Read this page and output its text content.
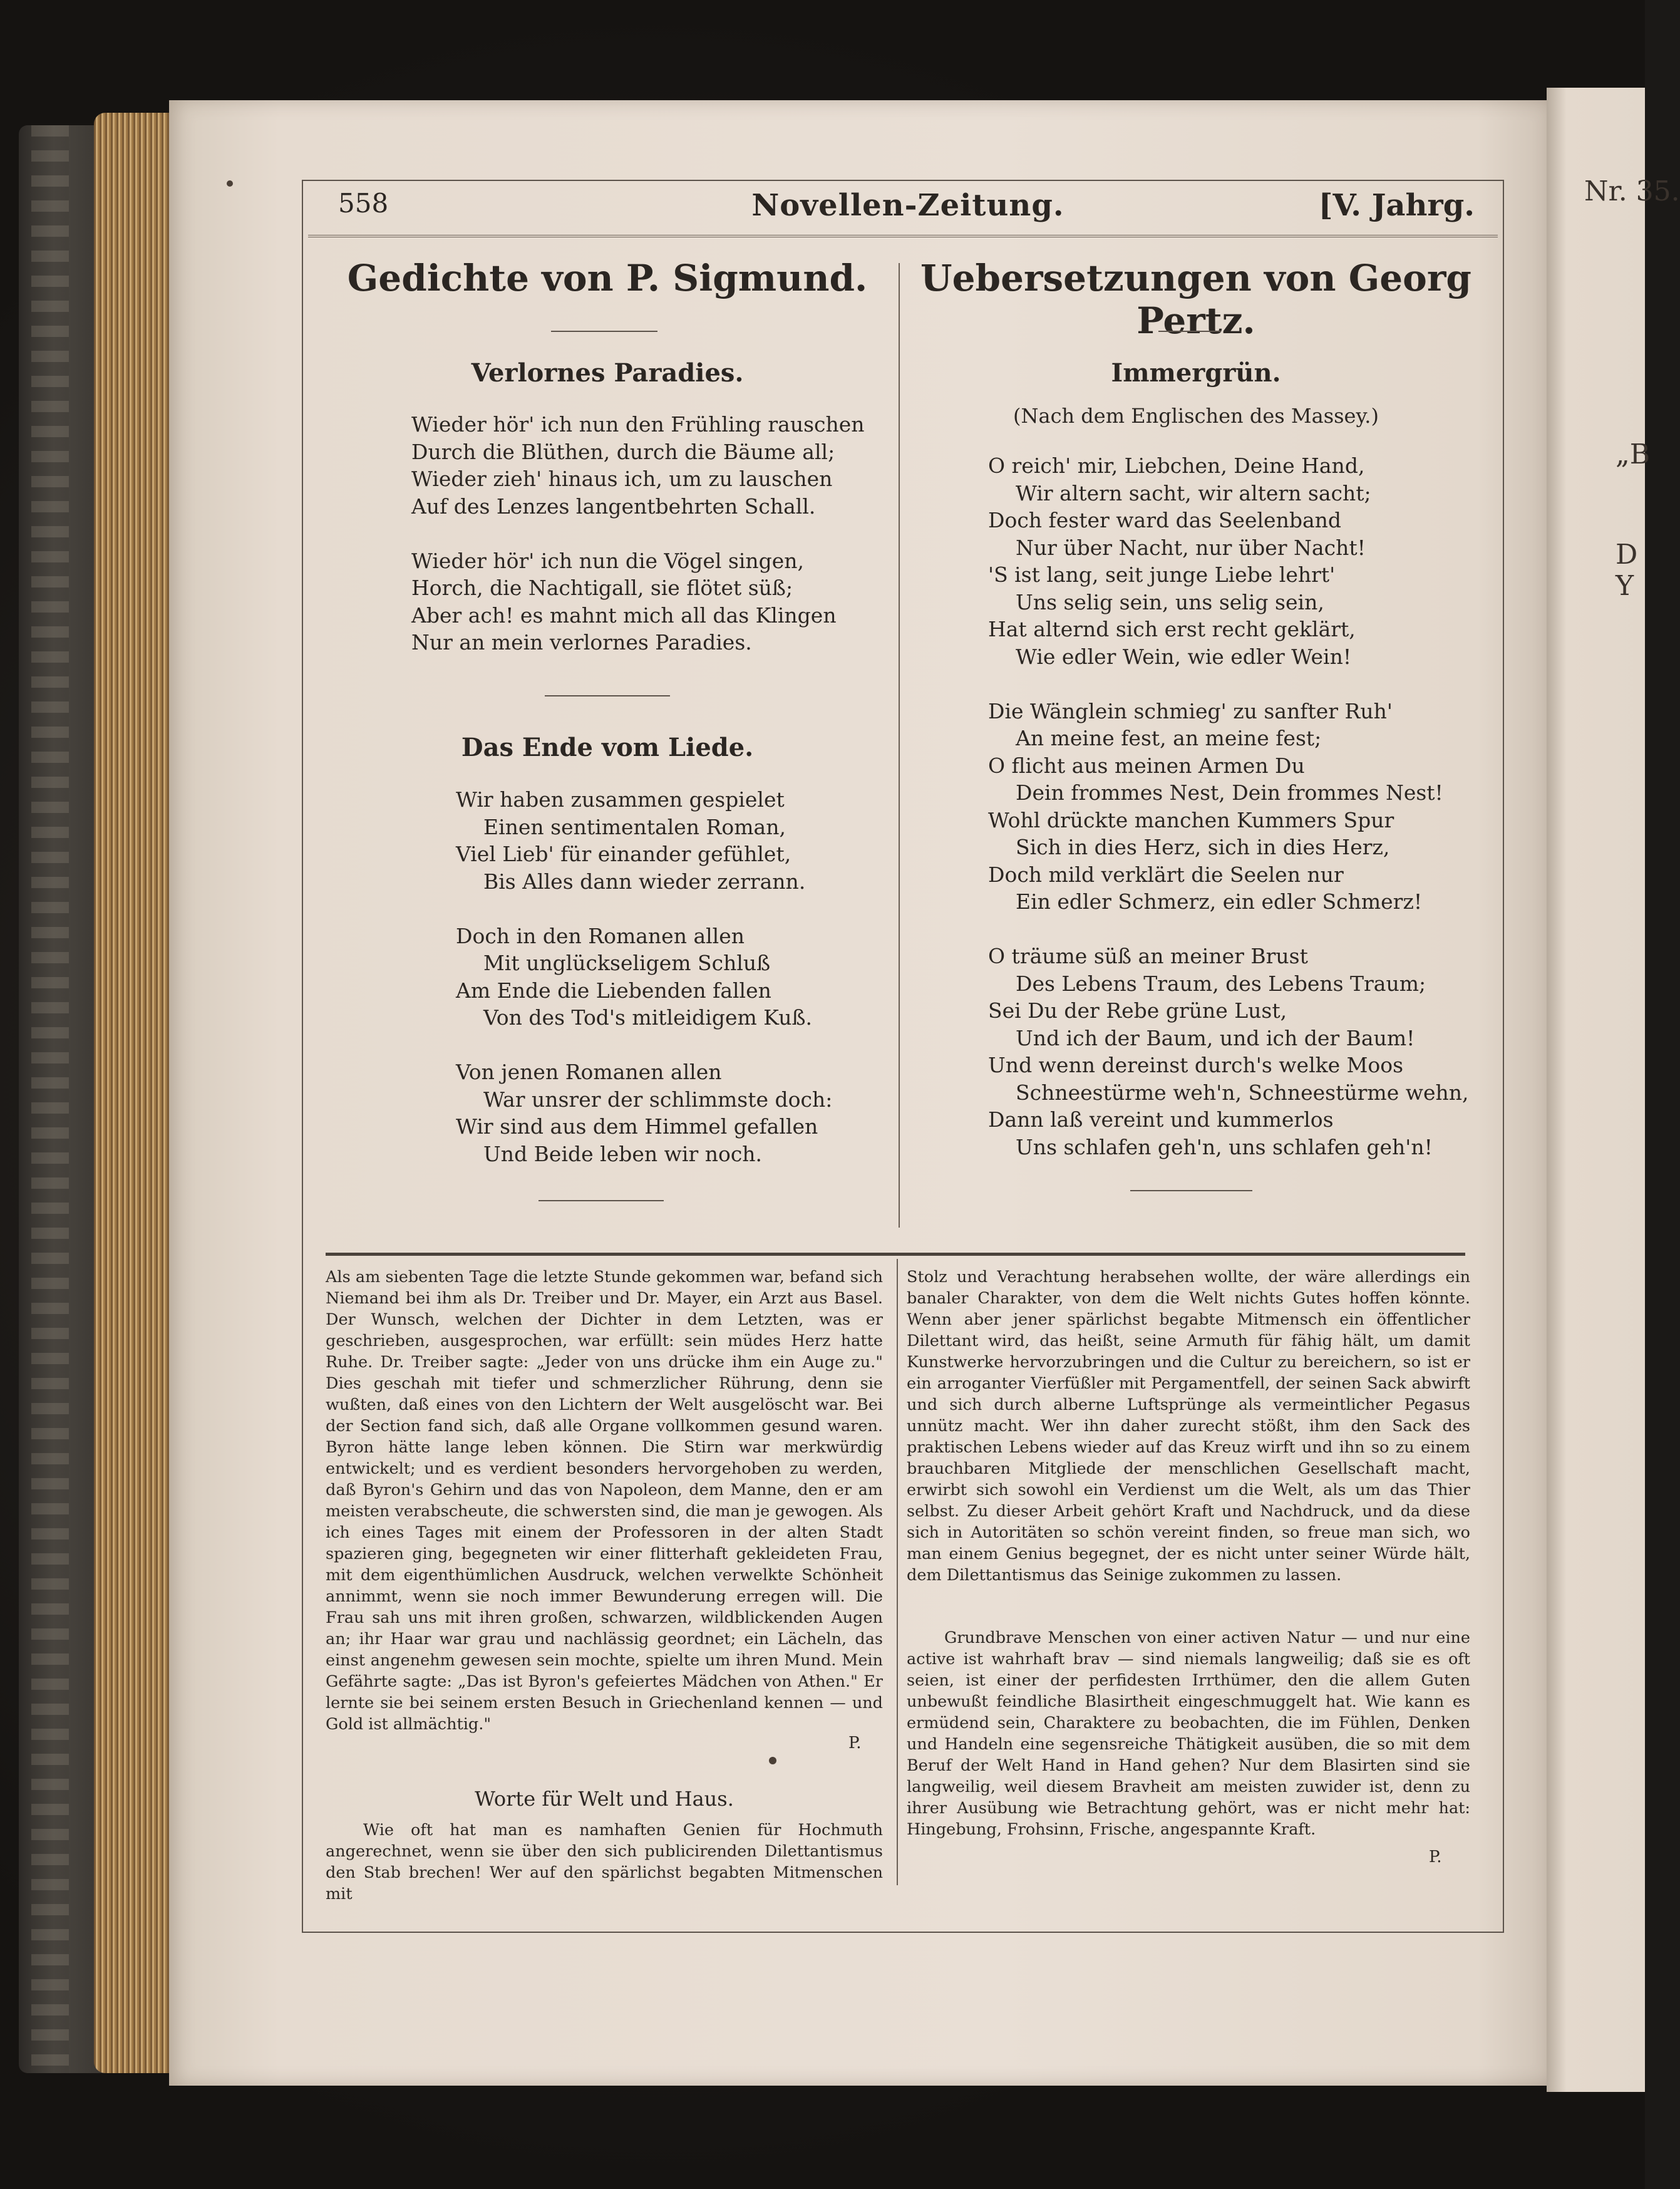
Nr. 35.
„B
D
Y
558	Novellen-Zeitung.	[V. Jahrg.
Gedichte von P. Sigmund.
Verlornes Paradies.
Wieder hör' ich nun den Frühling rauschen
Durch die Blüthen, durch die Bäume all;
Wieder zieh' hinaus ich, um zu lauschen
Auf des Lenzes langentbehrten Schall.

Wieder hör' ich nun die Vögel singen,
Horch, die Nachtigall, sie flötet süß;
Aber ach! es mahnt mich all das Klingen
Nur an mein verlornes Paradies.
Das Ende vom Liede.
Wir haben zusammen gespielet
Einen sentimentalen Roman,
Viel Lieb' für einander gefühlet,
Bis Alles dann wieder zerrann.

Doch in den Romanen allen
Mit unglückseligem Schluß
Am Ende die Liebenden fallen
Von des Tod's mitleidigem Kuß.

Von jenen Romanen allen
War unsrer der schlimmste doch:
Wir sind aus dem Himmel gefallen
Und Beide leben wir noch.
Uebersetzungen von Georg Pertz.
Immergrün.
(Nach dem Englischen des Massey.)
O reich' mir, Liebchen, Deine Hand,
Wir altern sacht, wir altern sacht;
Doch fester ward das Seelenband
Nur über Nacht, nur über Nacht!
'S ist lang, seit junge Liebe lehrt'
Uns selig sein, uns selig sein,
Hat alternd sich erst recht geklärt,
Wie edler Wein, wie edler Wein!

Die Wänglein schmieg' zu sanfter Ruh'
An meine fest, an meine fest;
O flicht aus meinen Armen Du
Dein frommes Nest, Dein frommes Nest!
Wohl drückte manchen Kummers Spur
Sich in dies Herz, sich in dies Herz,
Doch mild verklärt die Seelen nur
Ein edler Schmerz, ein edler Schmerz!

O träume süß an meiner Brust
Des Lebens Traum, des Lebens Traum;
Sei Du der Rebe grüne Lust,
Und ich der Baum, und ich der Baum!
Und wenn dereinst durch's welke Moos
Schneestürme weh'n, Schneestürme wehn,
Dann laß vereint und kummerlos
Uns schlafen geh'n, uns schlafen geh'n!
Als am siebenten Tage die letzte Stunde gekommen war, befand sich Niemand bei ihm als Dr. Treiber und Dr. Mayer, ein Arzt aus Basel. Der Wunsch, welchen der Dichter in dem Letzten, was er geschrieben, ausgesprochen, war erfüllt: sein müdes Herz hatte Ruhe. Dr. Treiber sagte: „Jeder von uns drücke ihm ein Auge zu." Dies geschah mit tiefer und schmerzlicher Rührung, denn sie wußten, daß eines von den Lichtern der Welt ausgelöscht war. Bei der Section fand sich, daß alle Organe vollkommen gesund waren. Byron hätte lange leben können. Die Stirn war merkwürdig entwickelt; und es verdient besonders hervorgehoben zu werden, daß Byron's Gehirn und das von Napoleon, dem Manne, den er am meisten verabscheute, die schwersten sind, die man je gewogen. Als ich eines Tages mit einem der Professoren in der alten Stadt spazieren ging, begegneten wir einer flitterhaft gekleideten Frau, mit dem eigenthümlichen Ausdruck, welchen verwelkte Schönheit annimmt, wenn sie noch immer Bewunderung erregen will. Die Frau sah uns mit ihren großen, schwarzen, wildblickenden Augen an; ihr Haar war grau und nachlässig geordnet; ein Lächeln, das einst angenehm gewesen sein mochte, spielte um ihren Mund. Mein Gefährte sagte: „Das ist Byron's gefeiertes Mädchen von Athen." Er lernte sie bei seinem ersten Besuch in Griechenland kennen — und Gold ist allmächtig."
P.
Worte für Welt und Haus.
Wie oft hat man es namhaften Genien für Hochmuth angerechnet, wenn sie über den sich publicirenden Dilettantismus den Stab brechen! Wer auf den spärlichst begabten Mitmenschen mit
Stolz und Verachtung herabsehen wollte, der wäre allerdings ein banaler Charakter, von dem die Welt nichts Gutes hoffen könnte. Wenn aber jener spärlichst begabte Mitmensch ein öffentlicher Dilettant wird, das heißt, seine Armuth für fähig hält, um damit Kunstwerke hervorzubringen und die Cultur zu bereichern, so ist er ein arroganter Vierfüßler mit Pergamentfell, der seinen Sack abwirft und sich durch alberne Luftsprünge als vermeintlicher Pegasus unnütz macht. Wer ihn daher zurecht stößt, ihm den Sack des praktischen Lebens wieder auf das Kreuz wirft und ihn so zu einem brauchbaren Mitgliede der menschlichen Gesellschaft macht, erwirbt sich sowohl ein Verdienst um die Welt, als um das Thier selbst. Zu dieser Arbeit gehört Kraft und Nachdruck, und da diese sich in Autoritäten so schön vereint finden, so freue man sich, wo man einem Genius begegnet, der es nicht unter seiner Würde hält, dem Dilettantismus das Seinige zukommen zu lassen.
Grundbrave Menschen von einer activen Natur — und nur eine active ist wahrhaft brav — sind niemals langweilig; daß sie es oft seien, ist einer der perfidesten Irrthümer, den die allem Guten unbewußt feindliche Blasirtheit eingeschmuggelt hat. Wie kann es ermüdend sein, Charaktere zu beobachten, die im Fühlen, Denken und Handeln eine segensreiche Thätigkeit ausüben, die so mit dem Beruf der Welt Hand in Hand gehen? Nur dem Blasirten sind sie langweilig, weil diesem Bravheit am meisten zuwider ist, denn zu ihrer Ausübung wie Betrachtung gehört, was er nicht mehr hat: Hingebung, Frohsinn, Frische, angespannte Kraft.
P.
